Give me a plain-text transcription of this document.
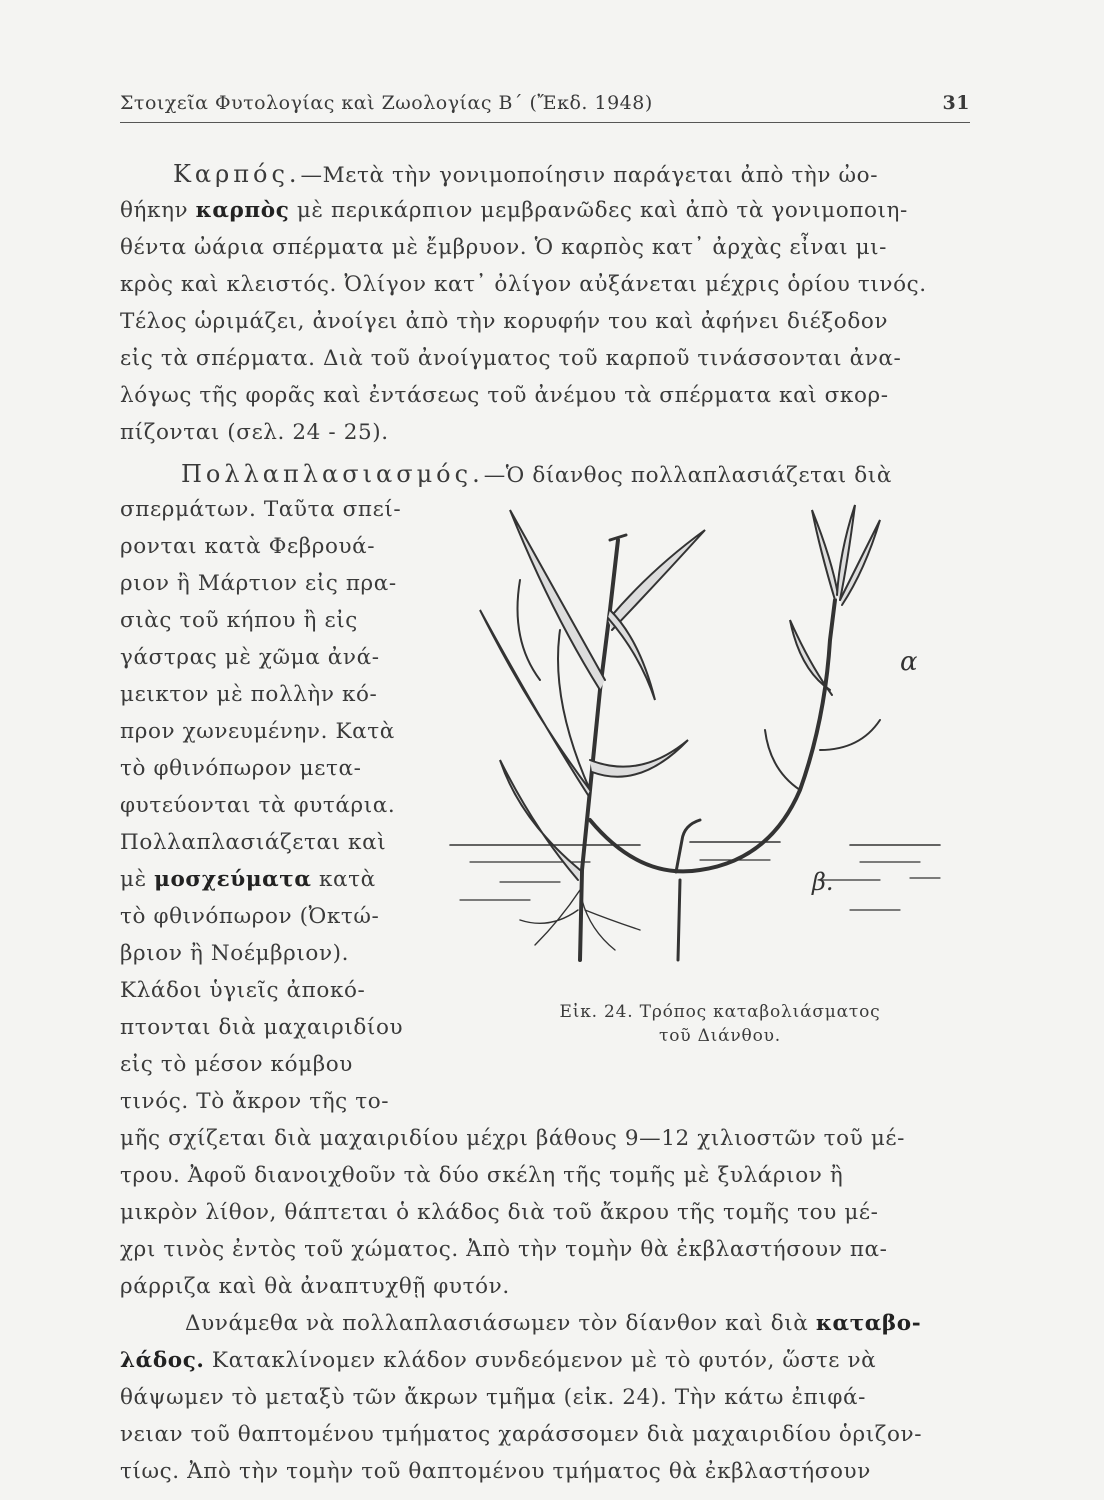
Στοιχεῖα Φυτολογίας καὶ Ζωολογίας Β΄ (Ἔκδ. 1948)	31
Καρπός.—Μετὰ τὴν γονιμοποίησιν παράγεται ἀπὸ τὴν ὠο-
θήκην καρπὸς μὲ περικάρπιον μεμβρανῶδες καὶ ἀπὸ τὰ γονιμοποιη-
θέντα ὠάρια σπέρματα μὲ ἔμβρυον. Ὁ καρπὸς κατ᾿ ἀρχὰς εἶναι μι-
κρὸς καὶ κλειστός. Ὀλίγον κατ᾿ ὀλίγον αὐξάνεται μέχρις ὁρίου τινός.
Τέλος ὡριμάζει, ἀνοίγει ἀπὸ τὴν κορυφήν του καὶ ἀφήνει διέξοδον
εἰς τὰ σπέρματα. Διὰ τοῦ ἀνοίγματος τοῦ καρποῦ τινάσσονται ἀνα-
λόγως τῆς φορᾶς καὶ ἐντάσεως τοῦ ἀνέμου τὰ σπέρματα καὶ σκορ-
πίζονται (σελ. 24 - 25).
Πολλαπλασιασμός.—Ὁ δίανθος πολλαπλασιάζεται διὰ
σπερμάτων. Ταῦτα σπεί-
ρονται κατὰ Φεβρουά-
ριον ἢ Μάρτιον εἰς πρα-
σιὰς τοῦ κήπου ἢ εἰς
γάστρας μὲ χῶμα ἀνά-
μεικτον μὲ πολλὴν κό-
προν χωνευμένην. Κατὰ
τὸ φθινόπωρον μετα-
φυτεύονται τὰ φυτάρια.
Πολλαπλασιάζεται καὶ
μὲ μοσχεύματα κατὰ
τὸ φθινόπωρον (Ὀκτώ-
βριον ἢ Νοέμβριον).
Κλάδοι ὑγιεῖς ἀποκό-
πτονται διὰ μαχαιριδίου
εἰς τὸ μέσον κόμβου
τινός. Τὸ ἄκρον τῆς το-
μῆς σχίζεται διὰ μαχαιριδίου μέχρι βάθους 9—12 χιλιοστῶν τοῦ μέ-
τρου. Ἀφοῦ διανοιχθοῦν τὰ δύο σκέλη τῆς τομῆς μὲ ξυλάριον ἢ
μικρὸν λίθον, θάπτεται ὁ κλάδος διὰ τοῦ ἄκρου τῆς τομῆς του μέ-
χρι τινὸς ἐντὸς τοῦ χώματος. Ἀπὸ τὴν τομὴν θὰ ἐκβλαστήσουν πα-
ράρριζα καὶ θὰ ἀναπτυχθῇ φυτόν.
Δυνάμεθα νὰ πολλαπλασιάσωμεν τὸν δίανθον καὶ διὰ καταβο-
λάδος. Κατακλίνομεν κλάδον συνδεόμενον μὲ τὸ φυτόν, ὥστε νὰ
θάψωμεν τὸ μεταξὺ τῶν ἄκρων τμῆμα (εἰκ. 24). Τὴν κάτω ἐπιφά-
νειαν τοῦ θαπτομένου τμήματος χαράσσομεν διὰ μαχαιριδίου ὁριζον-
τίως. Ἀπὸ τὴν τομὴν τοῦ θαπτομένου τμήματος θὰ ἐκβλαστήσουν
α
β.
Εἰκ. 24. Τρόπος καταβολιάσματος
τοῦ Διάνθου.
